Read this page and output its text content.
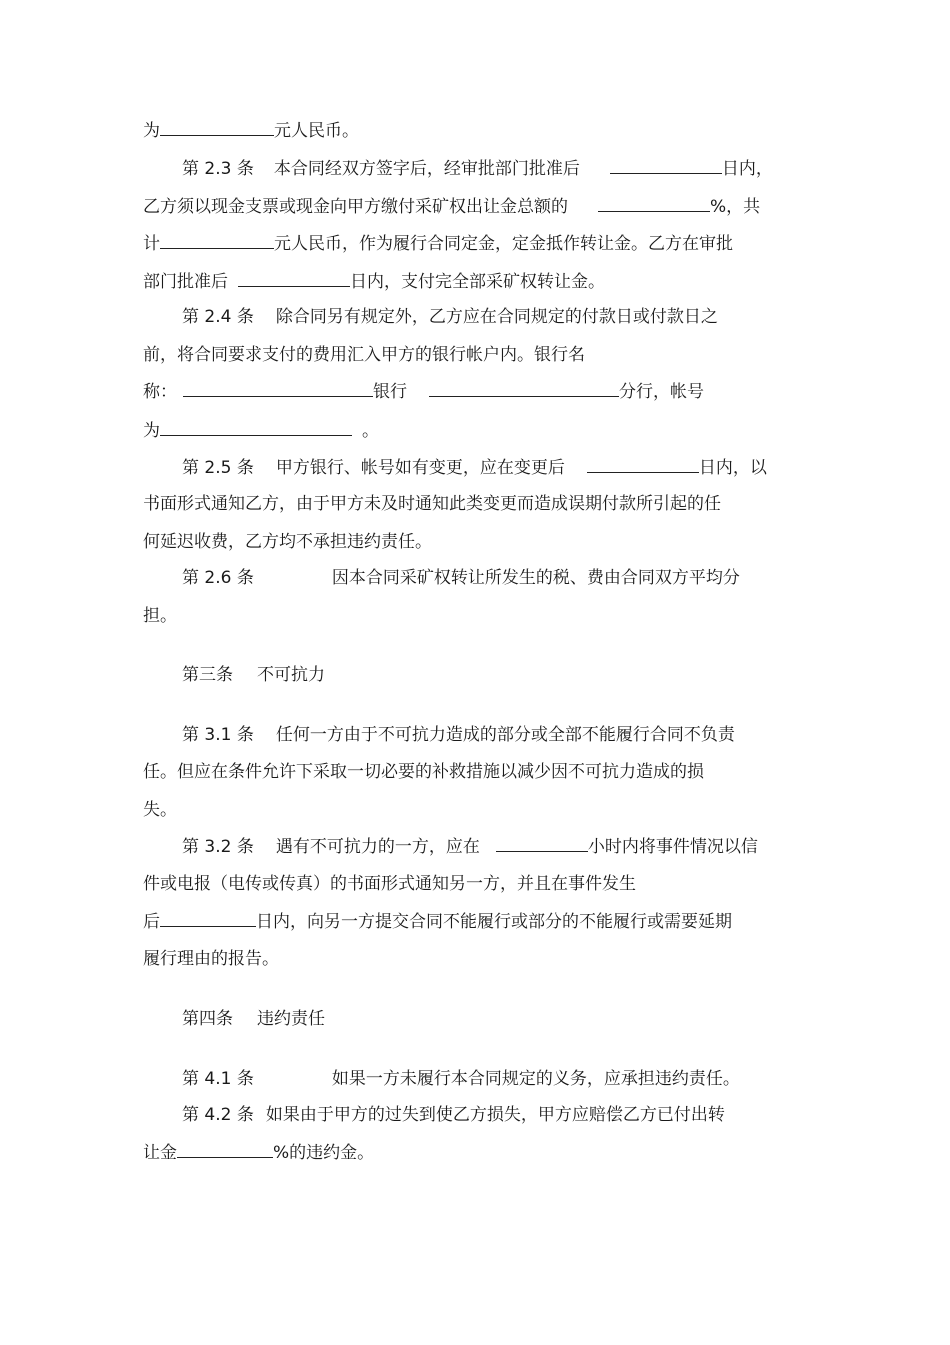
为	元人民币。
第 2.3 条 本合同经双方签字后，经审批部门批准后	日内，
乙方须以现金支票或现金向甲方缴付采矿权出让金总额的	%，共
计	元人民币，作为履行合同定金，定金抵作转让金。乙方在审批
部门批准后	日内，支付完全部采矿权转让金。
第 2.4 条 除合同另有规定外，乙方应在合同规定的付款日或付款日之
前，将合同要求支付的费用汇入甲方的银行帐户内。银行名
称：	银行	分行，帐号
为	。
第 2.5 条 甲方银行、帐号如有变更，应在变更后	日内，以
书面形式通知乙方，由于甲方未及时通知此类变更而造成误期付款所引起的任
何延迟收费，乙方均不承担违约责任。
第 2.6 条	因本合同采矿权转让所发生的税、费由合同双方平均分
担。
第三条 不可抗力
第 3.1 条 任何一方由于不可抗力造成的部分或全部不能履行合同不负责
任。但应在条件允许下采取一切必要的补救措施以减少因不可抗力造成的损
失。
第 3.2 条 遇有不可抗力的一方，应在	小时内将事件情况以信
件或电报（电传或传真）的书面形式通知另一方，并且在事件发生
后	日内，向另一方提交合同不能履行或部分的不能履行或需要延期
履行理由的报告。
第四条 违约责任
第 4.1 条	如果一方未履行本合同规定的义务，应承担违约责任。
第 4.2 条 如果由于甲方的过失到使乙方损失，甲方应赔偿乙方已付出转
让金	%的违约金。
